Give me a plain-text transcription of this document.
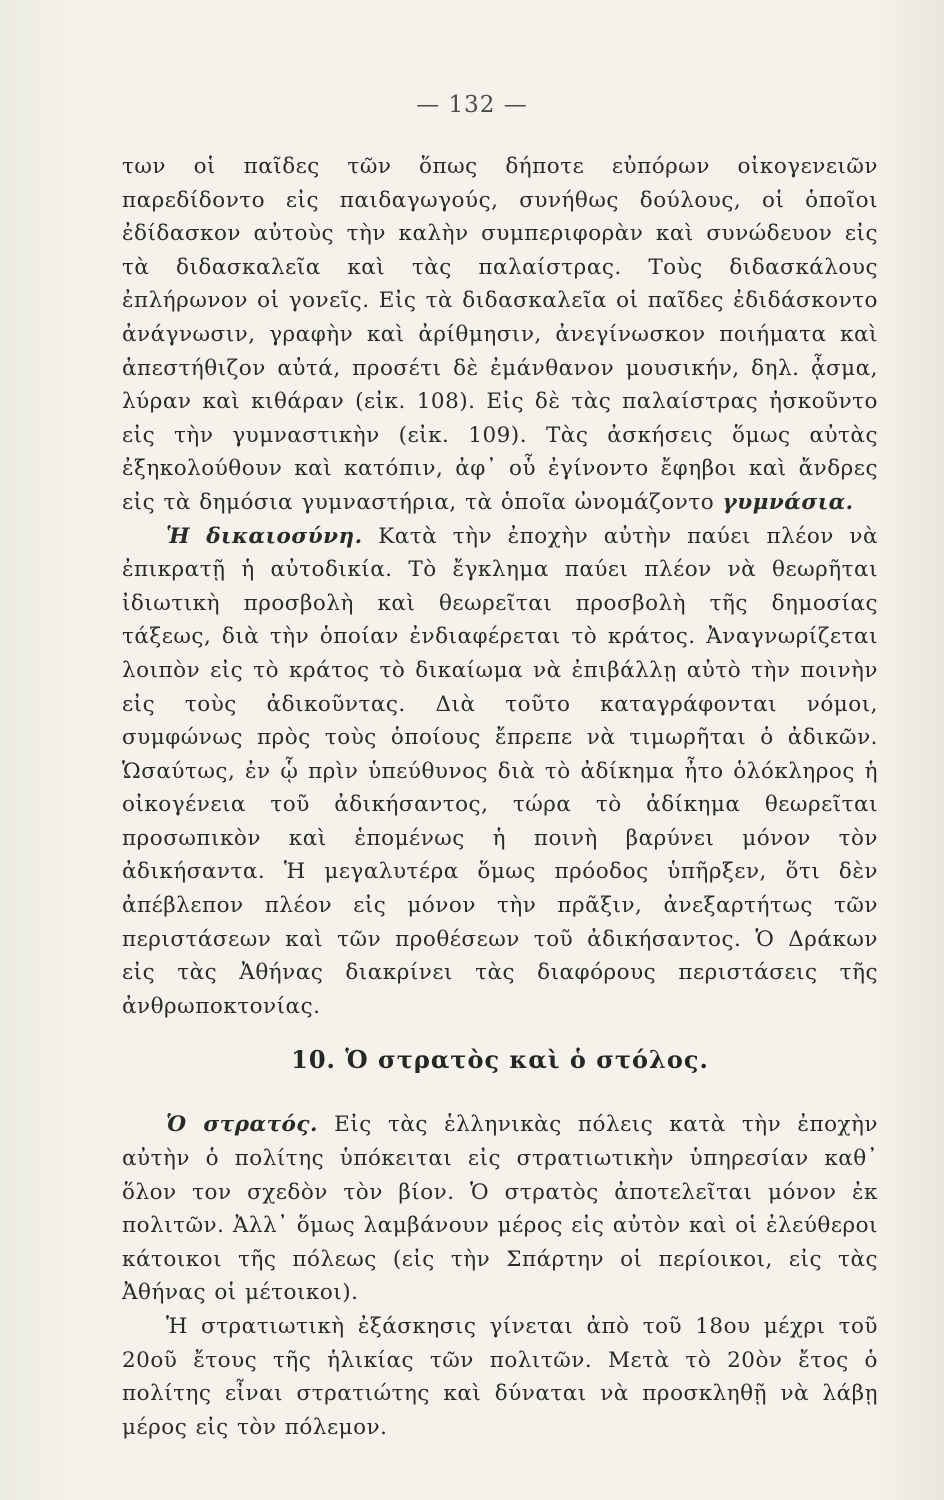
— 132 —

των οἱ παῖδες τῶν ὅπως δήποτε εὐπόρων οἰκογενειῶν παρεδίδοντο εἰς παιδαγωγούς, συνήθως δούλους, οἱ ὁποῖοι ἐδίδασκον αὐτοὺς τὴν καλὴν συμπεριφορὰν καὶ συνώδευον εἰς τὰ διδασκαλεῖα καὶ τὰς παλαίστρας. Τοὺς διδασκάλους ἐπλήρωνον οἱ γονεῖς. Εἰς τὰ διδασκαλεῖα οἱ παῖδες ἐδιδάσκοντο ἀνάγνωσιν, γραφὴν καὶ ἀρίθμησιν, ἀνεγίνωσκον ποιήματα καὶ ἀπεστήθιζον αὐτά, προσέτι δὲ ἐμάνθανον μουσικήν, δηλ. ᾆσμα, λύραν καὶ κιθάραν (εἰκ. 108). Εἰς δὲ τὰς παλαίστρας ἠσκοῦντο εἰς τὴν γυμναστικὴν (εἰκ. 109). Τὰς ἀσκήσεις ὅμως αὐτὰς ἐξηκολούθουν καὶ κατόπιν, ἀφ᾽ οὗ ἐγίνοντο ἔφηβοι καὶ ἄνδρες εἰς τὰ δημόσια γυμναστήρια, τὰ ὁποῖα ὠνομάζοντο γυμνάσια.

Ἡ δικαιοσύνη. Κατὰ τὴν ἐποχὴν αὐτὴν παύει πλέον νὰ ἐπικρατῇ ἡ αὐτοδικία. Τὸ ἔγκλημα παύει πλέον νὰ θεωρῆται ἰδιωτικὴ προσβολὴ καὶ θεωρεῖται προσβολὴ τῆς δημοσίας τάξεως, διὰ τὴν ὁποίαν ἐνδιαφέρεται τὸ κράτος. Ἀναγνωρίζεται λοιπὸν εἰς τὸ κράτος τὸ δικαίωμα νὰ ἐπιβάλλῃ αὐτὸ τὴν ποινὴν εἰς τοὺς ἀδικοῦντας. Διὰ τοῦτο καταγράφονται νόμοι, συμφώνως πρὸς τοὺς ὁποίους ἔπρεπε νὰ τιμωρῆται ὁ ἀδικῶν. Ὡσαύτως, ἐν ᾧ πρὶν ὑπεύθυνος διὰ τὸ ἀδίκημα ἦτο ὁλόκληρος ἡ οἰκογένεια τοῦ ἀδικήσαντος, τώρα τὸ ἀδίκημα θεωρεῖται προσωπικὸν καὶ ἑπομένως ἡ ποινὴ βαρύνει μόνον τὸν ἀδικήσαντα. Ἡ μεγαλυτέρα ὅμως πρόοδος ὑπῆρξεν, ὅτι δὲν ἀπέβλεπον πλέον εἰς μόνον τὴν πρᾶξιν, ἀνεξαρτήτως τῶν περιστάσεων καὶ τῶν προθέσεων τοῦ ἀδικήσαντος. Ὁ Δράκων εἰς τὰς Ἀθήνας διακρίνει τὰς διαφόρους περιστάσεις τῆς ἀνθρωποκτονίας.

10. Ὁ στρατὸς καὶ ὁ στόλος.

Ὁ στρατός. Εἰς τὰς ἑλληνικὰς πόλεις κατὰ τὴν ἐποχὴν αὐτὴν ὁ πολίτης ὑπόκειται εἰς στρατιωτικὴν ὑπηρεσίαν καθ᾽ ὅλον τον σχεδὸν τὸν βίον. Ὁ στρατὸς ἀποτελεῖται μόνον ἐκ πολιτῶν. Ἀλλ᾽ ὅμως λαμβάνουν μέρος εἰς αὐτὸν καὶ οἱ ἐλεύθεροι κάτοικοι τῆς πόλεως (εἰς τὴν Σπάρτην οἱ περίοικοι, εἰς τὰς Ἀθήνας οἱ μέτοικοι).

Ἡ στρατιωτικὴ ἐξάσκησις γίνεται ἀπὸ τοῦ 18ου μέχρι τοῦ 20οῦ ἔτους τῆς ἡλικίας τῶν πολιτῶν. Μετὰ τὸ 20ὸν ἔτος ὁ πολίτης εἶναι στρατιώτης καὶ δύναται νὰ προσκληθῇ νὰ λάβῃ μέρος εἰς τὸν πόλεμον.
